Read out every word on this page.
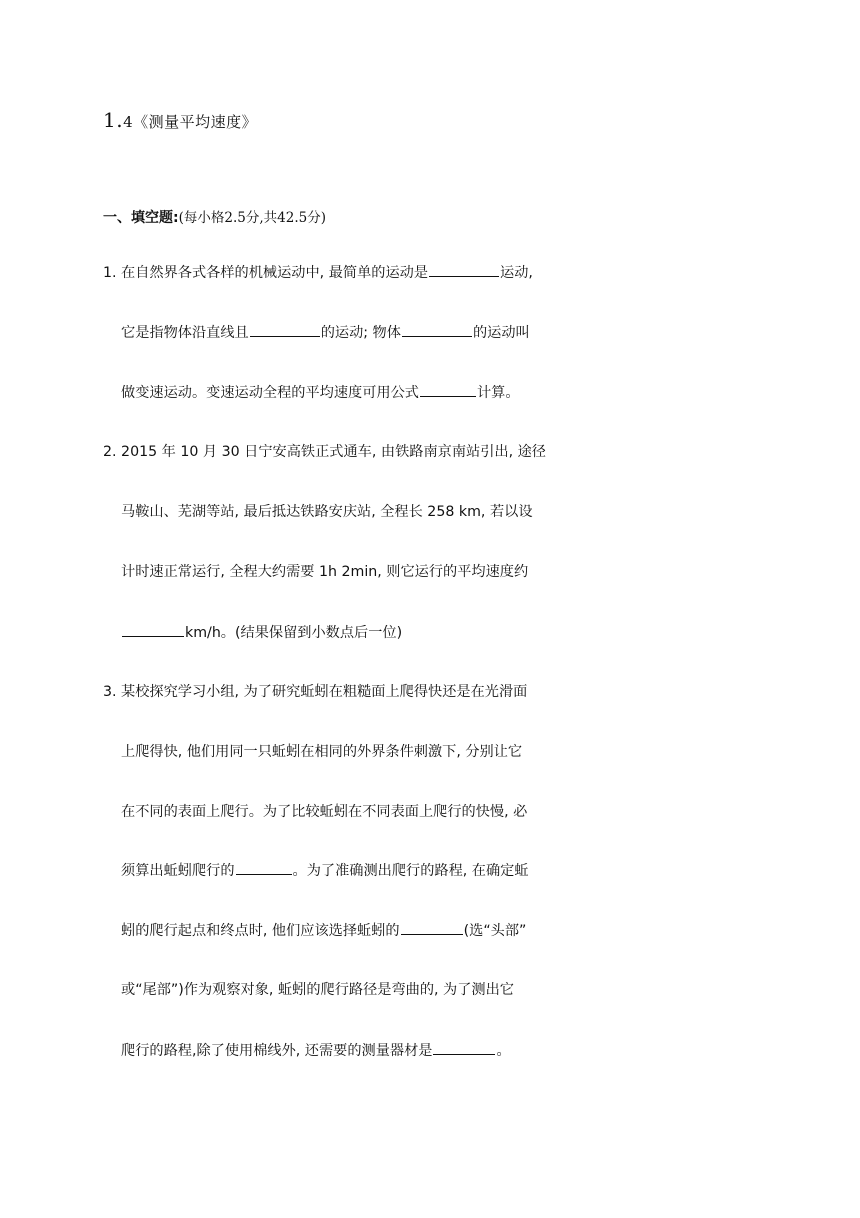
1.4《测量平均速度》
一、填空题:(每小格2.5分,共42.5分)
1. 在自然界各式各样的机械运动中, 最简单的运动是	运动,
它是指物体沿直线且	的运动; 物体	的运动叫
做变速运动。变速运动全程的平均速度可用公式	计算。
2. 2015 年 10 月 30 日宁安高铁正式通车, 由铁路南京南站引出, 途径
马鞍山、芜湖等站, 最后抵达铁路安庆站, 全程长 258 km, 若以设
计时速正常运行, 全程大约需要 1h 2min, 则它运行的平均速度约
km/h。(结果保留到小数点后一位)
3. 某校探究学习小组, 为了研究蚯蚓在粗糙面上爬得快还是在光滑面
上爬得快, 他们用同一只蚯蚓在相同的外界条件刺激下, 分别让它
在不同的表面上爬行。为了比较蚯蚓在不同表面上爬行的快慢, 必
须算出蚯蚓爬行的	。为了准确测出爬行的路程, 在确定蚯
蚓的爬行起点和终点时, 他们应该选择蚯蚓的	(选“头部”
或“尾部”)作为观察对象, 蚯蚓的爬行路径是弯曲的, 为了测出它
爬行的路程,除了使用棉线外, 还需要的测量器材是	。
